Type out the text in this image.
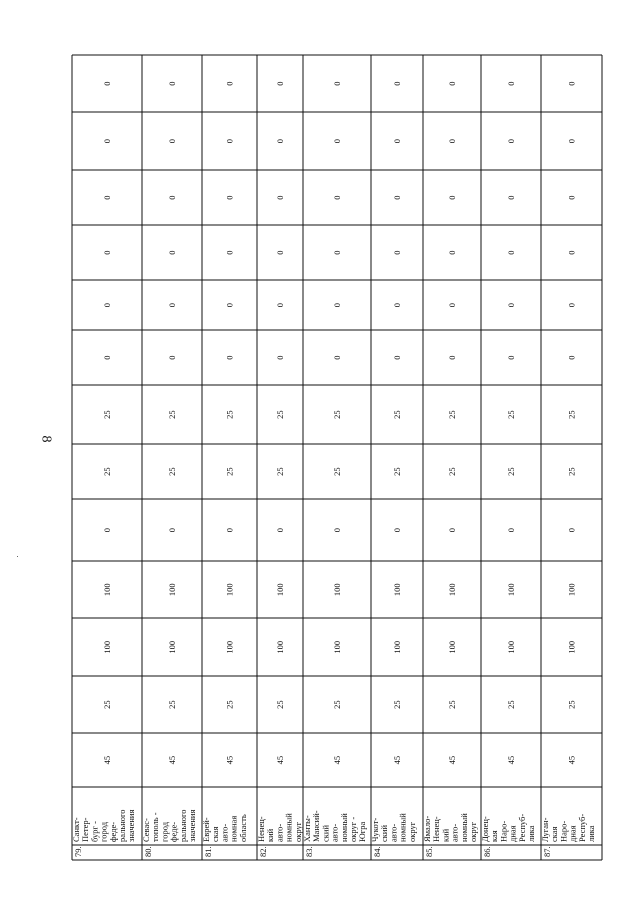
8
79.
Санкт- Петер- бург - город феде- рального значения
45
25
100
100
0
25
25
0
0
0
0
0
0
80.
Севас- тополь - город феде- рального значения
45
25
100
100
0
25
25
0
0
0
0
0
0
81.
Еврей- ская авто- номная область
45
25
100
100
0
25
25
0
0
0
0
0
0
82.
Ненец- кий авто- номный округ
45
25
100
100
0
25
25
0
0
0
0
0
0
83.
Ханты- Мансий- ский авто- номный округ - Югра
45
25
100
100
0
25
25
0
0
0
0
0
0
84.
Чукот- ский авто- номный округ
45
25
100
100
0
25
25
0
0
0
0
0
0
85.
Ямало- Ненец- кий авто- номный округ
45
25
100
100
0
25
25
0
0
0
0
0
0
86.
Донец- кая Наро- дная Респуб- лика
45
25
100
100
0
25
25
0
0
0
0
0
0
87.
Луган- ская Наро- дная Респуб- лика
45
25
100
100
0
25
25
0
0
0
0
0
0
